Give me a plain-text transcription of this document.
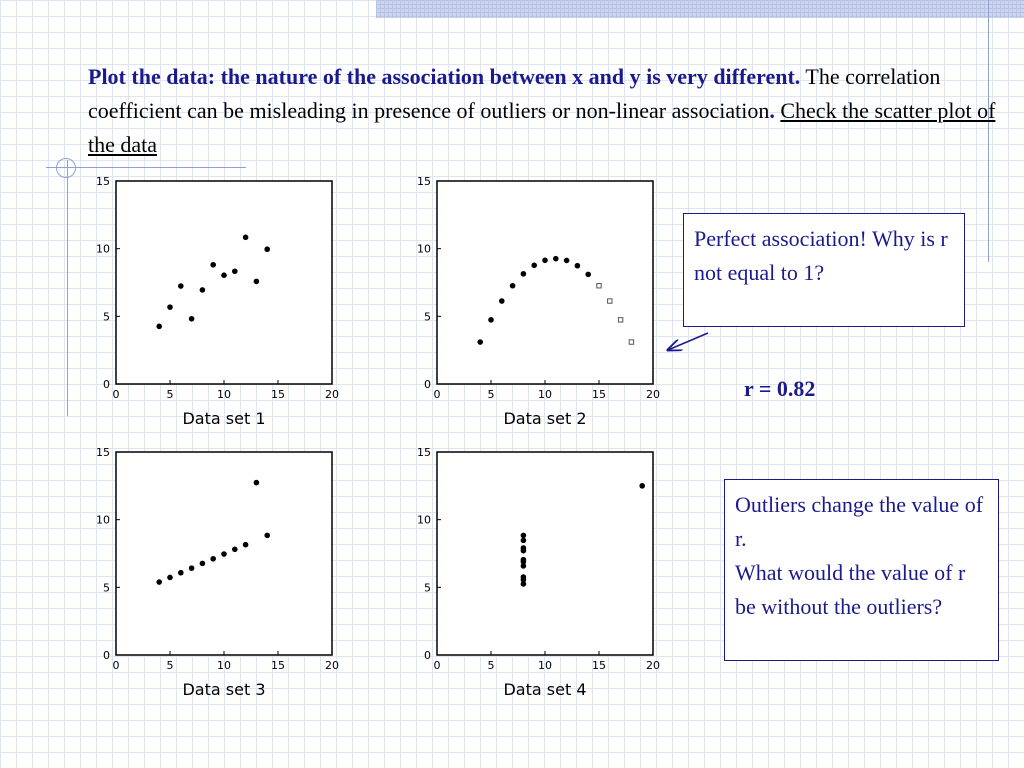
Plot the data: the nature of the association between x and y is very different. The correlation coefficient can be misleading in presence of outliers or non-linear association. Check the scatter plot of the data
0	5	10	15	20
0
5
10
15
Data set 1
0	5	10	15	20
0
5
10
15
Data set 2
0	5	10	15	20
0
5
10
15
Data set 3
0	5	10	15	20
0
5
10
15
Data set 4
Perfect association! Why is r not equal to 1?
r = 0.82
Outliers change the value of r.
What would the value of r be without the outliers?
